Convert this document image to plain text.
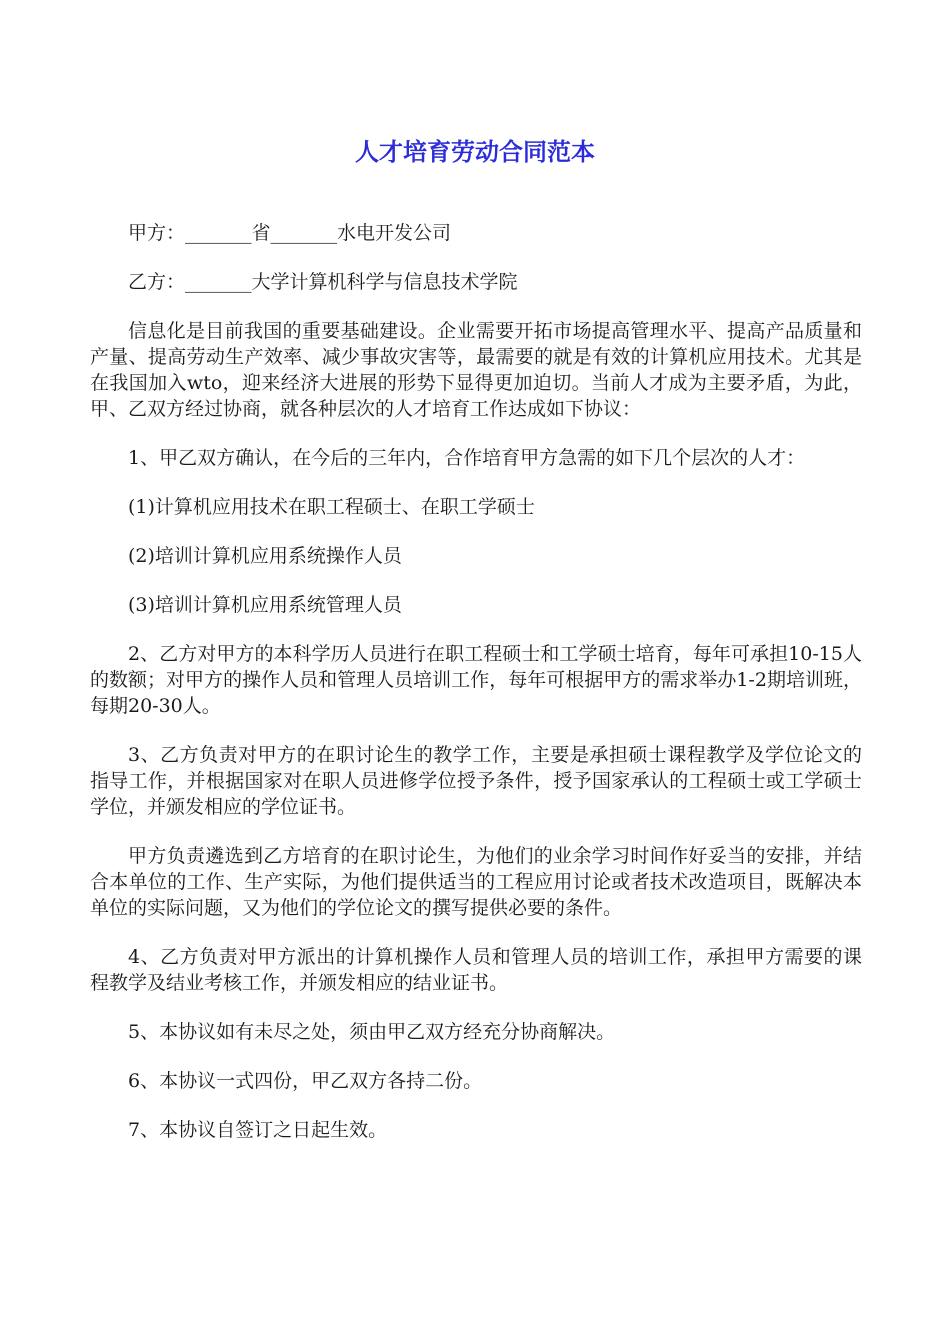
人才培育劳动合同范本

甲方：_______省_______水电开发公司

乙方：_______大学计算机科学与信息技术学院

信息化是目前我国的重要基础建设。企业需要开拓市场提高管理水平、提高产品质量和产量、提高劳动生产效率、减少事故灾害等，最需要的就是有效的计算机应用技术。尤其是在我国加入wto，迎来经济大进展的形势下显得更加迫切。当前人才成为主要矛盾，为此，甲、乙双方经过协商，就各种层次的人才培育工作达成如下协议：

1、甲乙双方确认，在今后的三年内，合作培育甲方急需的如下几个层次的人才：

(1)计算机应用技术在职工程硕士、在职工学硕士

(2)培训计算机应用系统操作人员

(3)培训计算机应用系统管理人员

2、乙方对甲方的本科学历人员进行在职工程硕士和工学硕士培育，每年可承担10-15人的数额；对甲方的操作人员和管理人员培训工作，每年可根据甲方的需求举办1-2期培训班，每期20-30人。

3、乙方负责对甲方的在职讨论生的教学工作，主要是承担硕士课程教学及学位论文的指导工作，并根据国家对在职人员进修学位授予条件，授予国家承认的工程硕士或工学硕士学位，并颁发相应的学位证书。

甲方负责遴选到乙方培育的在职讨论生，为他们的业余学习时间作好妥当的安排，并结合本单位的工作、生产实际，为他们提供适当的工程应用讨论或者技术改造项目，既解决本单位的实际问题，又为他们的学位论文的撰写提供必要的条件。

4、乙方负责对甲方派出的计算机操作人员和管理人员的培训工作，承担甲方需要的课程教学及结业考核工作，并颁发相应的结业证书。

5、本协议如有未尽之处，须由甲乙双方经充分协商解决。

6、本协议一式四份，甲乙双方各持二份。

7、本协议自签订之日起生效。
